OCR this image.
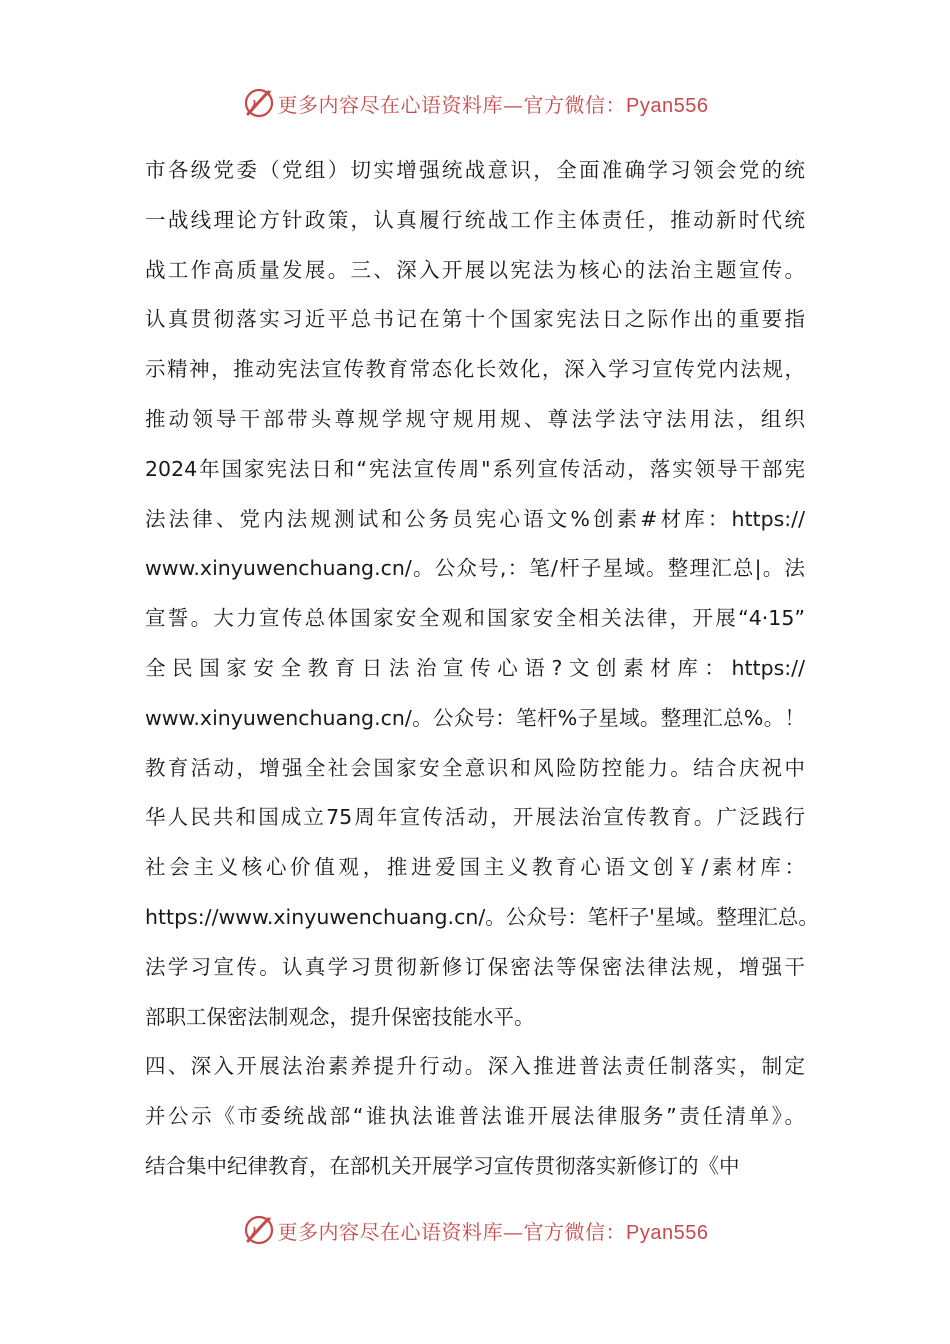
更多内容尽在心语资料库—官方微信：Pyan556
市各级党委（党组）切实增强统战意识，全面准确学习领会党的统
一战线理论方针政策，认真履行统战工作主体责任，推动新时代统
战工作高质量发展。三、深入开展以宪法为核心的法治主题宣传。
认真贯彻落实习近平总书记在第十个国家宪法日之际作出的重要指
示精神，推动宪法宣传教育常态化长效化，深入学习宣传党内法规，
推动领导干部带头尊规学规守规用规、尊法学法守法用法，组织
2024年国家宪法日和“宪法宣传周"系列宣传活动，落实领导干部宪
法法律、党内法规测试和公务员宪心语文%创素#材库：https://
www.xinyuwenchuang.cn/。公众号,：笔/杆子星域。整理汇总|。法
宣誓。大力宣传总体国家安全观和国家安全相关法律，开展“4·15”
全民国家安全教育日法治宣传心语?文创素材库：https://
www.xinyuwenchuang.cn/。公众号：笔杆%子星域。整理汇总%。！
教育活动，增强全社会国家安全意识和风险防控能力。结合庆祝中
华人民共和国成立75周年宣传活动，开展法治宣传教育。广泛践行
社会主义核心价值观，推进爱国主义教育心语文创￥/素材库：
https://www.xinyuwenchuang.cn/。公众号：笔杆子'星域。整理汇总。
法学习宣传。认真学习贯彻新修订保密法等保密法律法规，增强干
部职工保密法制观念，提升保密技能水平。
四、深入开展法治素养提升行动。深入推进普法责任制落实，制定
并公示《市委统战部“谁执法谁普法谁开展法律服务”责任清单》。
结合集中纪律教育，在部机关开展学习宣传贯彻落实新修订的《中
更多内容尽在心语资料库—官方微信：Pyan556
